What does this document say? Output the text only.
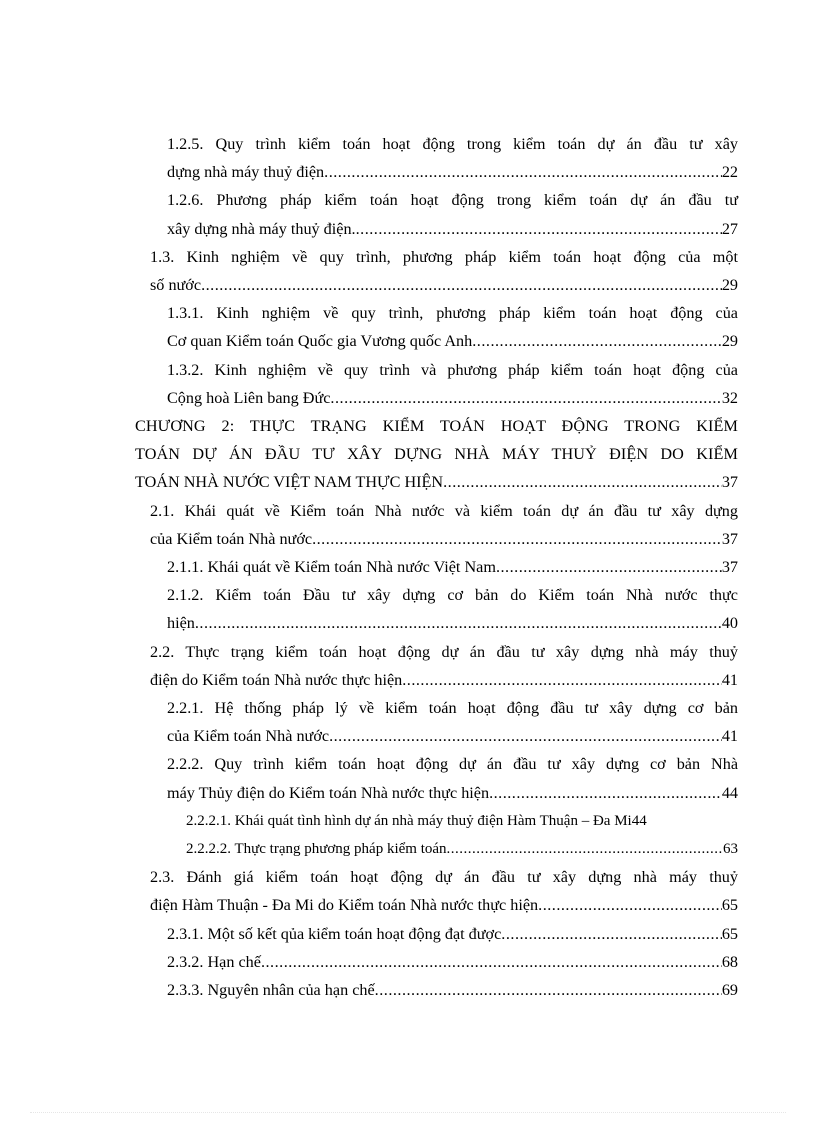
1.2.5. Quy trình kiểm toán hoạt động trong kiểm toán dự án đầu tư xây
dựng nhà máy thuỷ điện .....	22
1.2.6. Phương pháp kiểm toán hoạt động trong kiểm toán dự án đầu tư
xây dựng nhà máy thuỷ điện. .....	27
1.3. Kinh nghiệm về quy trình, phương pháp kiểm toán hoạt động của một
số nước .....	29
1.3.1. Kinh nghiệm về quy trình, phương pháp kiểm toán hoạt động của
Cơ quan Kiểm toán Quốc gia Vương quốc Anh .....	29
1.3.2. Kinh nghiệm về quy trình và phương pháp kiểm toán hoạt động của
Cộng hoà Liên bang Đức .....	32
CHƯƠNG 2: THỰC TRẠNG KIỂM TOÁN HOẠT ĐỘNG TRONG KIỂM
TOÁN DỰ ÁN ĐẦU TƯ XÂY DỰNG NHÀ MÁY THUỶ ĐIỆN DO KIỂM
TOÁN NHÀ NƯỚC VIỆT NAM THỰC HIỆN .....	37
2.1. Khái quát về Kiểm toán Nhà nước và kiểm toán dự án đầu tư xây dựng
của Kiểm toán Nhà nước .....	37
2.1.1. Khái quát về Kiểm toán Nhà nước Việt Nam .....	37
2.1.2. Kiểm toán Đầu tư xây dựng cơ bản do Kiểm toán Nhà nước thực
hiện .....	40
2.2. Thực trạng kiểm toán hoạt động dự án đầu tư xây dựng nhà máy thuỷ
điện do Kiểm toán Nhà nước thực hiện .....	41
2.2.1. Hệ thống pháp lý về kiểm toán hoạt động đầu tư xây dựng cơ bản
của Kiểm toán Nhà nước .....	41
2.2.2. Quy trình kiểm toán hoạt động dự án đầu tư xây dựng cơ bản Nhà
máy Thủy điện do Kiểm toán Nhà nước thực hiện .....	44
2.2.2.1. Khái quát tình hình dự án nhà máy thuỷ điện Hàm Thuận – Đa Mi 44
2.2.2.2. Thực trạng phương pháp kiểm toán .....	63
2.3. Đánh giá kiểm toán hoạt động dự án đầu tư xây dựng nhà máy thuỷ
điện Hàm Thuận - Đa Mi do Kiểm toán Nhà nước thực hiện .....	65
2.3.1. Một số kết qủa kiểm toán hoạt động đạt được .....	65
2.3.2. Hạn chế .....	68
2.3.3. Nguyên nhân của hạn chế .....	69
